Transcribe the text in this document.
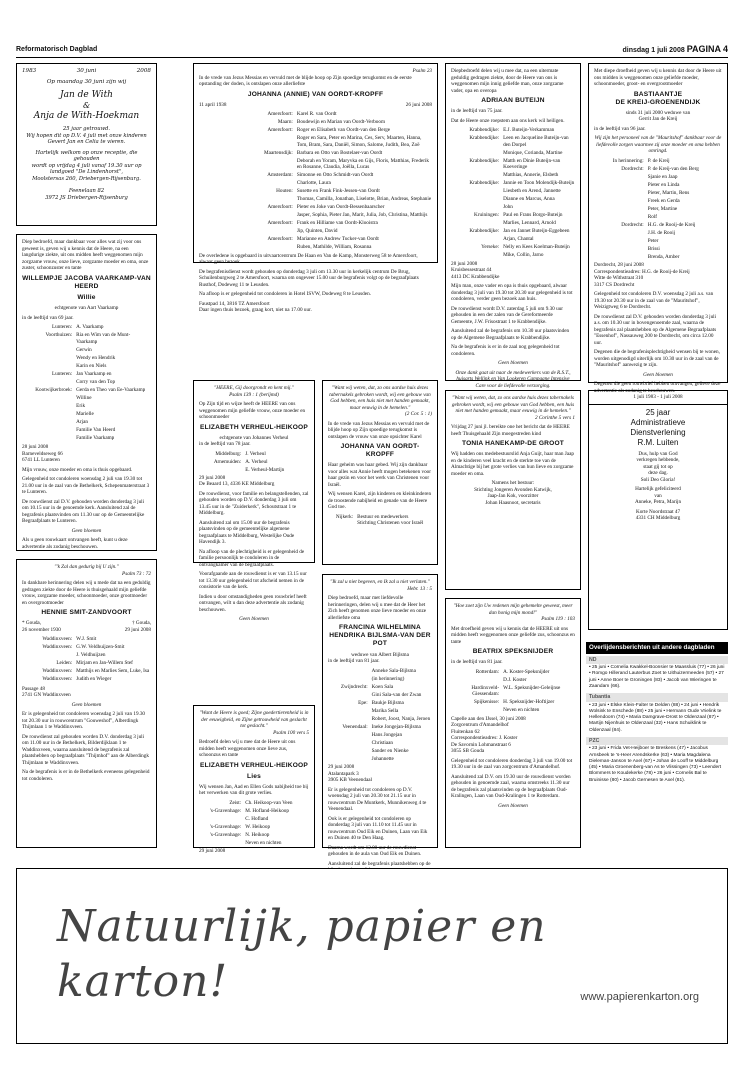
Reformatorisch Dagblad	dinsdag 1 juli 2008 PAGINA 4
1983	30 juni	2008
Op maandag 30 juni zijn wij
Jan de With
&
Anja de With-Hoekman
25 jaar getrouwd.
Wij hopen dit op D.V. 4 juli met onze kinderen
Gevert Jan en Celia te vieren.
Hartelijk welkom op onze receptie, die gehouden
wordt op vrijdag 4 juli vanaf 19.30 uur op
landgoed "De Lindenhorst",
Moolstersas 260, Driebergen-Rijsenburg.
Feenelaan 82
3972 JS Driebergen-Rijsenburg
Diep bedroefd, maar dankbaar voor alles wat zij voor ons geweest is, geven wij u kennis dat de Heere, na een langdurige ziekte, uit ons midden heeft weggenomen mijn zorgzame vrouw, onze lieve, zorgzame moeder en oma, onze zuster, schoonzuster en tante
WILLEMPJE JACOBA VAARKAMP-VAN HEERD
Willie
echtgenote van Aart Vaarkamp
in de leeftijd van 69 jaar.
Lunteren: A. Vaarkamp
Voorthuizen: Ria en Wim van de Munt-Vaarkamp
Gerwin
Wendy en Hendrik
Karin en Niels
Lunteren: Jan Vaarkamp en
Corry van den Top
Kootwijkerbroek: Gerda en Theo van Ee-Vaarkamp
Willine
Erik
Marielle
Arjan
Familie Van Heerd
Familie Vaarkamp
28 juni 2008
Barneveldseweg 66
6741 LL Lunteren
Mijn vrouw, onze moeder en oma is thuis opgebaard.
Gelegenheid tot condoleren woensdag 2 juli van 19.30 tot 21.00 uur in de zaal van de Bethelkerk, Schepenmaterstraat 3 te Lunteren.
De rouwdienst zal D.V. gehouden worden donderdag 3 juli om 10.15 uur in de genoemde kerk. Aansluitend zal de begrafenis plaatsvinden om 11.30 uur op de Gemeentelijke Begraafplaats te Lunteren.
Geen bloemen
Als u geen rouwkaart ontvangen heeft, kunt u deze advertentie als zodanig beschouwen.
"'k Zal dan gedurig bij U zijn."
Psalm 73 : 72
In dankbare herinnering delen wij u mede dat na een geduldig gedragen ziekte door de Heere is thuisgehaald mijn geliefde vrouw, zorgzame moeder, schoonmoeder, onze grootmoeder en overgrootmoeder
HENNIE SMIT-ZANDVOORT
* Gouda,	† Gouda,
26 november 1930	29 juni 2008
Waddinxveen: W.J. Smit
Waddinxveen: G.W. Veldhuijzen-Smit
J. Veldhuijzen
Leiden: Mirjam en Jan-Willem Stef
Waddinxveen: Matthijs en Marlies Sem, Luke, Isa
Waddinxveen: Judith en Wieger
Passage 48
2741 GN Waddinxveen
Geen bloemen
Er is gelegenheid tot condoleren woensdag 2 juli van 19.30 tot 20.30 uur in rouwcentrum "Gouweshof", Alberdingk Thijmlaan 1 te Waddinxveen.
De rouwdienst zal gehouden worden D.V. donderdag 3 juli om 11.00 uur in de Bethelkerk, Bilderdijklaan 1 te Waddinxveen, waarna aansluitend de begrafenis zal plaatshebben op begraafplaats "Thijmhof" aan de Alberdingk Thijmlaan te Waddinxveen.
Na de begrafenis is er in de Bethelkerk eveneens gelegenheid tot condoleren.
Psalm 23
In de vrede van Jezus Messias en vervuld met de blijde hoop op Zijn spoedige terugkomst en de eerste opstanding der doden, is ontslapen onze allerliefste
JOHANNA (ANNIE) VAN OORDT-KROPFF
11 april 1938	26 juni 2008
Amersfoort: Karel R. van Oordt
Maarn: Boudewijn en Marian van Oordt-Verboom
Amersfoort: Roger en Elisabeth van Oordt-van den Berge
Roger en Sara, Peter en Marina, Ces, Serv, Maarten, Hanna, Tom, Bram, Sara, Daniël, Simon, Salome, Judith, Bea, Zoë
Maartensdijk: Barbara en Otto van Bostelaer-van Oordt
Deborah en Yoram, Maryvka en Gijs, Floris, Matthias, Frederik en Rosanne, Claudia, Joëlla, Lucas
Amsterdam: Simonne en Otto Schmidt-van Oordt
Charlotte, Laura
Houten: Susette en Frank Fink-Jessen-van Oordt
Thomas, Camilla, Jonathan, Liselotte, Brian, Andreas, Stephanie
Amersfoort: Pieter en Joke van Oordt-Bessenbaarscher
Jasper, Sophia, Pieter Jan, Marit, Julia, Job, Christina, Matthijs
Amersfoort: Frank en Hilliame van Oordt-Klooistra
Jip, Quinten, David
Amersfoort: Marianne en Andrew Tucker-van Oordt
Ruben, Mathilde, William, Rosanna
De overledene is opgebaard in uitvaartcentrum De Haan en Van de Kamp, Monsterweg 58 te Amersfoort, alwaar geen bezoek.
De begrafenisdienst wordt gehouden op donderdag 3 juli om 13.30 uur in kerkelijk centrum De Brug, Schuilenburgweg 2 te Amersfoort, waarna om ongeveer 15.00 uur de begrafenis volgt op de begraafplaats Rusthof, Dodeweg 11 te Leusden.
Na afloop is er gelegenheid tot condoleren in Hotel ISVW, Dodeweg 8 te Leusden.
Faustpad 14, 3816 TZ Amersfoort
Daar ingen thuis bezoek, graag kort, niet na 17.00 uur.
"HEERE, Gij doorgrondt en kent mij."
Psalm 139 : 1 (berijmd)
Op Zijn tijd en wijze heeft de HEERE van ons weggenomen mijn geliefde vrouw, onze moeder en schoonmoeder
ELIZABETH VERHEUL-HEIKOOP
echtgenote van Johannes Verheul
in de leeftijd van 78 jaar.
Middelburg: J. Verheul
Arnemuiden: A. Verheul
E. Verheul-Martijn
29 juni 2008
De Beaard 13, 4336 KE Middelburg
De rouwdienst, voor familie en belangstellenden, zal gehouden worden op D.V. donderdag 3 juli om 13.45 uur in de "Zuiderkerk", Schoutstraat 1 te Middelburg.
Aansluitend zal om 15.00 uur de begrafenis plaatsvinden op de gemeentelijke algemene begraafplaats te Middelburg, Westelijke Oude Havendijk 3.
Na afloop van de plechtigheid is er gelegenheid de familie persoonlijk te condoleren in de ontvangkamer van de begraafplaats.
Voorafgaande aan de rouwdienst is er van 13.15 uur tot 13.30 uur gelegenheid tot afscheid nemen in de consistorie van de kerk.
Indien u door omstandigheden geen rouwbrief heeft ontvangen, wilt u dan deze advertentie als zodanig beschouwen.
Geen bloemen
"Want de Heere is goed; Zijne goedertierenheid is in der eeuwigheid, en Zijne getrouwheid van geslacht tot geslacht."
Psalm 100 vers 5
Bedroefd delen wij u mee dat de Heere uit ons midden heeft weggenomen onze lieve zus, schoonzus en tante
ELIZABETH VERHEUL-HEIKOOP
Lies
Wij wensen Jan, Aad en Ellen Gods nabijheid toe bij het verwerken van dit grote verlies.
Zeist: Ch. Heikoop-van Veen
's-Gravenhage: M. Hofland-Heikoop
C. Hofland
's-Gravenhage: W. Heikoop
's-Gravenhage: N. Heikoop
Neven en nichten
29 juni 2008
"Want wij weten, dat, zo ons aardse huis dezes tabernakels gebroken wordt, wij een gebouw van God hebben, een huis niet met handen gemaakt, maar eeuwig in de hemelen."
(2 Cor. 5 : 1)
In de vrede van Jezus Messias en vervuld met de blijde hoop op Zijn spoedige terugkomst is ontslapen de vrouw van onze opsichter Karel
JOHANNA VAN OORDT-KROPFF
Haar geheim was haar gebed. Wij zijn dankbaar voor alles wat Annie heeft mogen betekenen voor haar gezin en voor het werk van Christenen voor Israël.
Wij wensen Karel, zijn kinderen en kleinkinderen de troostende nabijheid en genade van de Heere God toe.
Nijkerk: Bestuur en medewerkers
Stichting Christenen voor Israël
"Ik zal u niet begeven, en Ik zal u niet verlaten."
Hebr. 13 : 5
Diep bedroefd, maar met liefdevolle herinneringen, delen wij u mee dat de Heer het Zich heeft genomen onze lieve moeder en onze allerliefste oma
FRANCINA WILHELMINA HENDRIKA BIJLSMA-VAN DER POT
weduwe van Albert Bijlsma
in de leeftijd van 81 jaar.
Anneke Sala-Bijlsma
(in herinnering)
Zwijndrecht: Koen Sala
Gini Sala-van der Zwan
Epe: Baukje Bijlsma
Marika Sella
Robert, Joost, Nanja, Jeroen
Veenendaal: Ineke Jongejan-Bijlsma
Hans Jongejan
Christiaan
Sander en Nienke
Johannette
29 juni 2008
Atalantapark 3
3905 KB Veenendaal
Er is gelegenheid tot condoleren op D.V. woensdag 2 juli van 20.30 tot 21.15 uur in rouwcentrum De Muntkerk, Munnikenweg 4 te Veenendaal.
Ook is er gelegenheid tot condoleren op donderdag 3 juli van 11.10 tot 11.45 uur in rouwcentrum Oud Eik en Duinen, Laan van Eik en Duinen 40 te Den Haag.
Daarna wordt om 12.00 uur de rouwdienst gehouden in de aula van Oud Eik en Duinen.
Aansluitend zal de begrafenis plaatshebben op de
Diepbedroefd delen wij u mee dat, na een uitermate geduldig gedragen ziekte, door de Heere van ons is weggenomen mijn innig geliefde man, onze zorgzame vader, opa en overopa
ADRIAAN BUTEIJN
in de leeftijd van 75 jaar.
Dat de Heere onze roepstem aan ons kerk wil heiligen.
Krabbendijke: E.J. Buteijn-Verkamman
Krabbendijke: Leen en Jacqueline Buteijn-van den Dorpel
Monique, Corianda, Martine
Krabbendijke: Matth en Dinie Buteijn-van Koeveringe
Matthias, Annerie, Elsbeth
Krabbendijke: Jannie en Toon Molendijk-Buteijn
Liesbeth en Arend, Jannette
Dianne en Marcus, Anna
John
Kruiningen: Paul en Frans Borgo-Buteijn
Marlies, Lennard, Arnold
Krabbendijke: Jan en Jannet Buteijn-Eggebeen
Arjan, Chantal
Yerseke: Nelly en Kees Koelman-Buteijn
Mike, Collin, Jarno
28 juni 2008
Kruisbessestraat 44
4413 DC Krabbendijke
Mijn man, onze vader en opa is thuis opgebaard, alwaar donderdag 3 juli van 19.30 tot 20.30 uur gelegenheid is tot condoleren, verder geen bezoek aan huis.
De rouwdienst wordt D.V. zaterdag 5 juli om 9.30 uur gehouden in een der zalen van de Gereformeerde Gemeente, J.W. Frisostraat 1 te Krabbendijke.
Aansluitend zal de begrafenis om 10.30 uur plaatsvinden op de Algemene Begraafplaats te Krabbendijke.
Na de begrafenis is er in de zaal nog gelegenheid tot condoleren.
Geen bloemen
Onze dank gaat uit naar de medewerkers van de R.S.T., huisarts Wellink en Van Lookeren Campagne Intensive Care voor de liefdevolle verzorging.
"Want wij weten, dat, zo ons aardse huis dezes tabernakels gebroken wordt, wij een gebouw van God hebben, een huis niet met handen gemaakt, maar eeuwig in de hemelen."
2 Corinthe 5 vers 1
Vrijdag 27 juni jl. bereikte one het bericht dat de HEERE heeft Thuisgehaald Zijn moegestreden kind
TONIA HANEKAMP-DE GROOT
Wij hadden ons medebestuurslid Anja Guijt, haar man Jaap en de kinderen veel kracht en de sterkte toe van de Almachtige bij het grote verlies van hun lieve en zorgzame moeder en oma.
Namens het bestuur:
Stichting Jongeren Avonden Katwijk,
Jaap-Jan Kok, voorzitter
Johan Haasnoot, secretaris
"Hoe zoet zijn Uw redenen mijn gehemelte geweest, meer dan honig mijn mond!"
Psalm 119 : 103
Met droefheid geven wij u kennis dat de HEERE uit ons midden heeft weggenomen onze geliefde zus, schoonzus en tante
BEATRIX SPEKSNIJDER
in de leeftijd van 81 jaar.
Rotterdam: A. Koster-Speksnijder
D.J. Koster
Hardinxveld-Giessendam:
W.L. Speksnijder-Geleijnse
Spijkenisse: H. Speksnijder-Hoftijzer
Neven en nichten
Capelle aan den IJssel, 30 juni 2008
Zorgcentrum d'Amandelhof
Fluitenkan 62
Correspondentieadres: J. Koster
De Savornin Lohmanstraat 6
3055 SB Gouda
Gelegenheid tot condoleren donderdag 3 juli van 19.00 tot 19.30 uur in de zaal van zorgcentrum d'Amandelhof.
Aansluitend zal D.V. om 19.30 uur de rouwdienst worden gehouden in genoemde zaal, waarna omstreeks 11.30 uur de begrafenis zal plaatsvinden op de begraafplaats Oud-Kralingen, Laan van Oud-Kralingen 1 te Rotterdam.
Geen bloemen
Met diepe droefheid geven wij u kennis dat door de Heere uit ons midden is weggenomen onze geliefde moeder, schoonmoeder, groot- en overgrootmoeder
BASTIAANTJE
DE KREIJ-GROENENDIJK
sinds 31 juli 2000 weduwe van
Gerrit Jan de Kreij
in de leeftijd van 96 jaar.
Wij zijn het personeel van de "Mauritshof" dankbaar voor de liefdevolle zorgen waarmee zij onze moeder en oma hebben omringd.
In herinnering: P. de Kreij
Dordrecht: P. de Kreij-van den Berg
Sjanie en Jaap
Pieter en Linda
Pieter, Martin, Rens
Freek en Gerda
Peter, Martine
Rolf
Dordrecht: H.G. de Rooij-de Kreij
J.H. de Rooij
Peter
Brissi
Brenda, Amber
Dordrecht, 28 juni 2008
Correspondentieadres: H.G. de Rooij-de Kreij
Witte de Withstraat 310
3317 CS Dordrecht
Gelegenheid tot condoleren D.V. woensdag 2 juli a.s. van 19.30 tot 20.30 uur in de zaal van de "Mauritshof", Weizigtweg 6 te Dordrecht.
De rouwdienst zal D.V. gehouden worden donderdag 3 juli a.s. om 10.30 uur in bovengenoemde zaal, waarna de begrafenis zal plaatshebben op de Algemene Begraafplaats "Essenhof", Nassauweg 200 te Dordrecht, om circa 12.00 uur.
Degenen die de begrafenisplechtigheid wensen bij te wonen, worden uitgenodigd uiterlijk om 10.30 uur in de zaal van de "Mauritshof" aanwezig te zijn.
Geen bloemen
Degenen die geen rouwbrief hebben ontvangen, gelieve deze advertentie als zodanig te beschouwen.
1 juli 1983 - 1 juli 2008
25 jaar
Administratieve
Dienstverlening
R.M. Luiten
Dus, hulp van God
verkregen hebbende,
staat gij tot op
deze dag.
Soli Deo Gloria!
Hartelijk gefeliciteerd
van
Anneke, Petra, Marijn
Korte Noordstraat 47
4331 CH Middelburg
Overlijdensberichten uit andere dagbladen
ND
• 25 juni • Cornelia Kwakkel-Boonsier te Maassluis (77) • 26 juni • Romgo Hillerand Lauterbus Zoet te Uithuizermeeden (57) • 27 juni • Anne Boer te Groningen (83) • Jacob van Wieringen te Zaandam (66).
Tubantia
• 23 juni • Elske Klein-Falter te Delden (88) • 24 juni • Hendrik Wolsink te Enschede (88) • 25 juni • Hermann Oude Vrielink te Hellendoorn (74) • Maria Damgrave-Drost te Oldenzaal (87) • Martijn Nijenhuis te Oldenzaal (32) • Hans Schuiklink te Oldenzaal (84).
PZC
• 23 juni • Frida Vet-Heijboer te Breskens (47) • Jacobus Arnsbeek te 's-Heer Arendskerke (63) • Maria Magdalena Dieleman-Janson te Axel (67) • Johan de Looff te Middelburg (45) • Maria Groenenberg-van As te Vlissingen (73) • Leendert Blommers te Koudekerke (78) • 26 juni • Cornelis Bal te Bruinisse (80) • Jacob Gernesen te Axel (81).
Natuurlijk, papier en karton!	www.papierenkarton.org
